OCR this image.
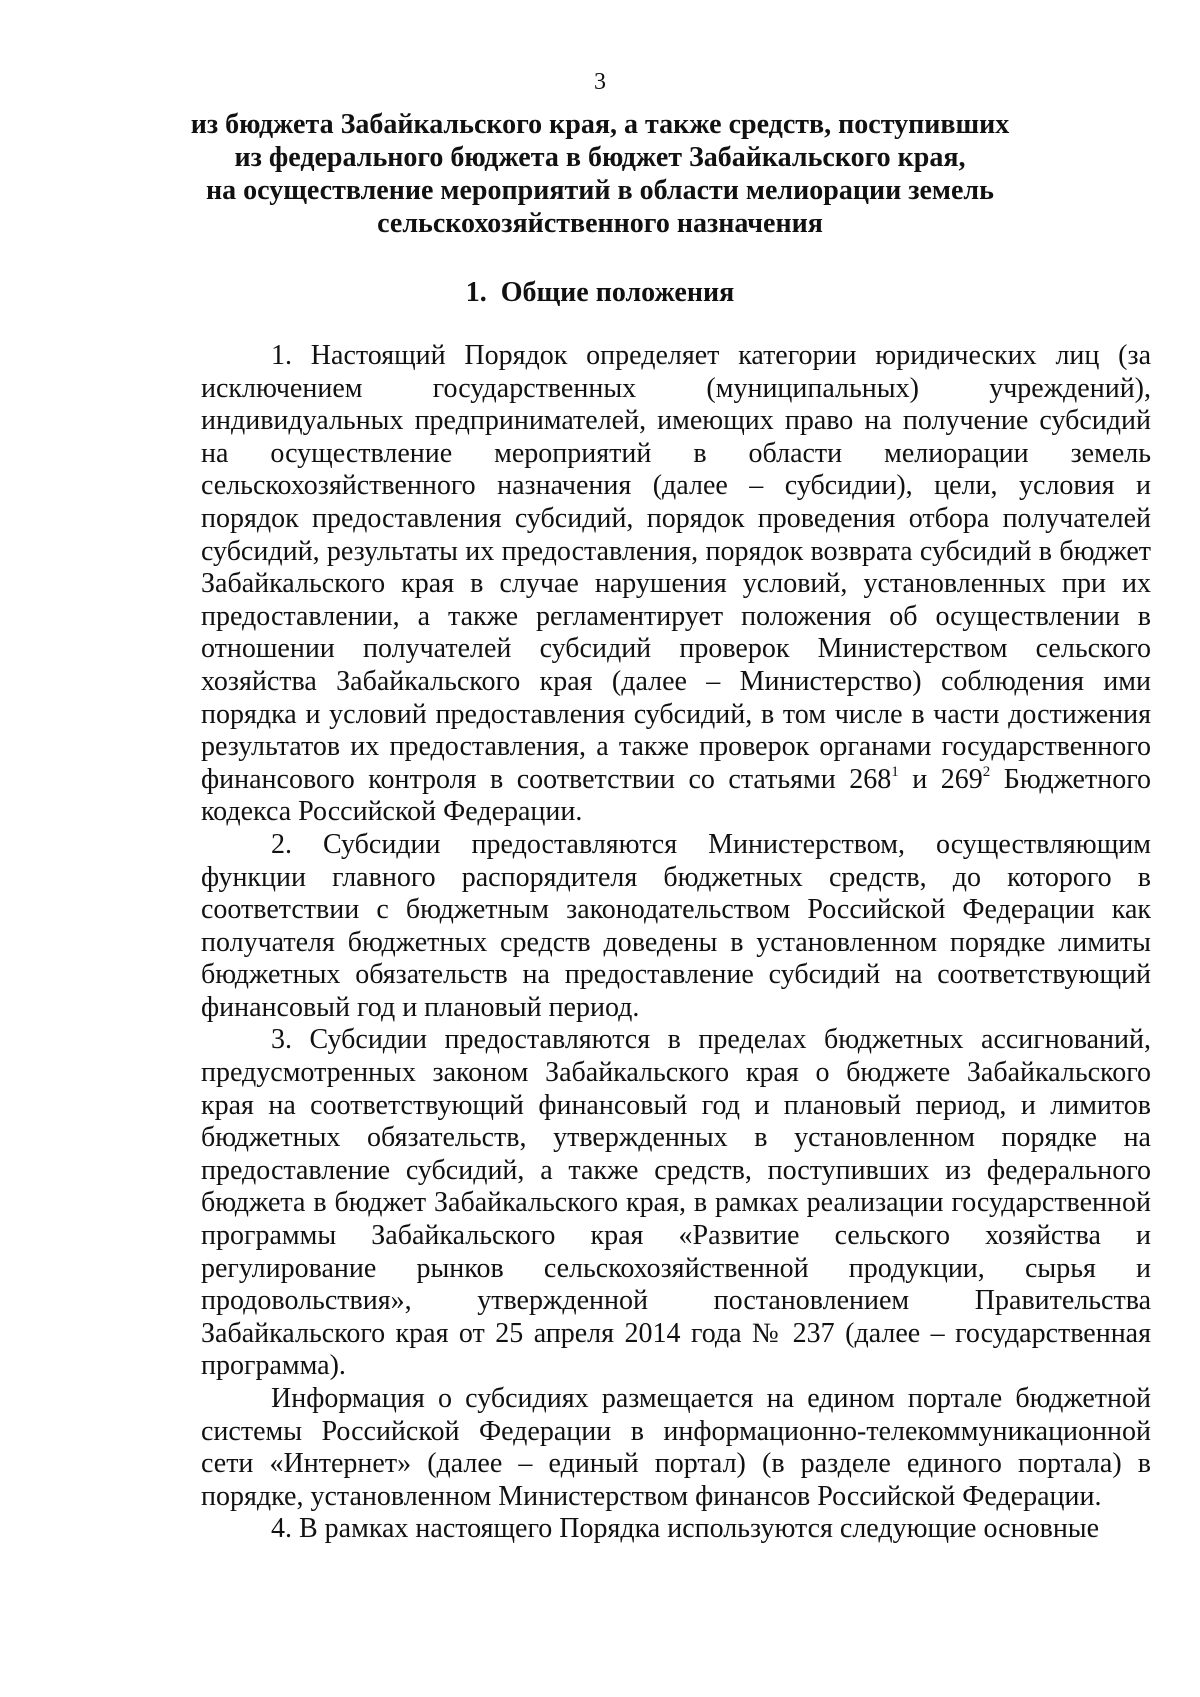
3
из бюджета Забайкальского края, а также средств, поступивших
из федерального бюджета в бюджет Забайкальского края,
на осуществление мероприятий в области мелиорации земель
сельскохозяйственного назначения
1. Общие положения

1. Настоящий Порядок определяет категории юридических лиц (за исключением государственных (муниципальных) учреждений), индивидуальных предпринимателей, имеющих право на получение субсидий на осуществление мероприятий в области мелиорации земель сельскохозяйственного назначения (далее – субсидии), цели, условия и порядок предоставления субсидий, порядок проведения отбора получателей субсидий, результаты их предоставления, порядок возврата субсидий в бюджет Забайкальского края в случае нарушения условий, установленных при их предоставлении, а также регламентирует положения об осуществлении в отношении получателей субсидий проверок Министерством сельского хозяйства Забайкальского края (далее – Министерство) соблюдения ими порядка и условий предоставления субсидий, в том числе в части достижения результатов их предоставления, а также проверок органами государственного финансового контроля в соответствии со статьями $268^1$ и $269^2$ Бюджетного кодекса Российской Федерации.

2. Субсидии предоставляются Министерством, осуществляющим функции главного распорядителя бюджетных средств, до которого в соответствии с бюджетным законодательством Российской Федерации как получателя бюджетных средств доведены в установленном порядке лимиты бюджетных обязательств на предоставление субсидий на соответствующий финансовый год и плановый период.

3. Субсидии предоставляются в пределах бюджетных ассигнований, предусмотренных законом Забайкальского края о бюджете Забайкальского края на соответствующий финансовый год и плановый период, и лимитов бюджетных обязательств, утвержденных в установленном порядке на предоставление субсидий, а также средств, поступивших из федерального бюджета в бюджет Забайкальского края, в рамках реализации государственной программы Забайкальского края «Развитие сельского хозяйства и регулирование рынков сельскохозяйственной продукции, сырья и продовольствия», утвержденной постановлением Правительства Забайкальского края от 25 апреля 2014 года № 237 (далее – государственная программа).

Информация о субсидиях размещается на едином портале бюджетной системы Российской Федерации в информационно-телекоммуникационной сети «Интернет» (далее – единый портал) (в разделе единого портала) в порядке, установленном Министерством финансов Российской Федерации.

4. В рамках настоящего Порядка используются следующие основные
